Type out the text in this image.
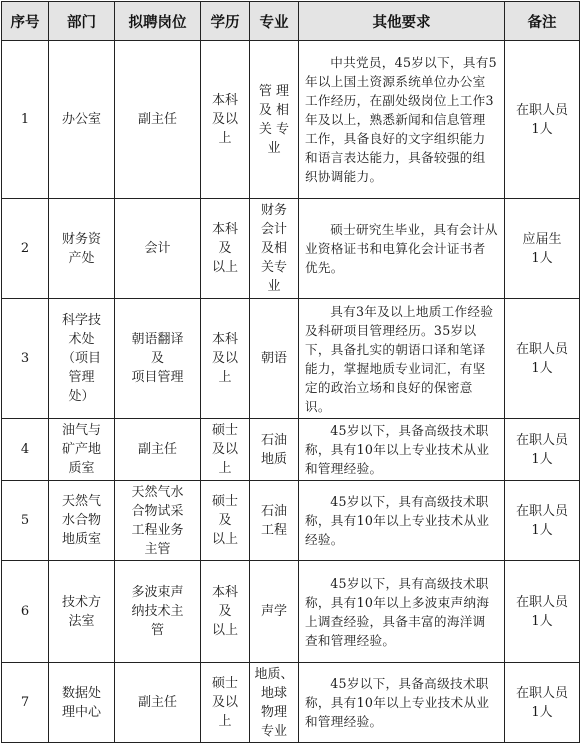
序号	部门	拟聘岗位	学历	专业	其他要求	备注
1	办公室	副主任	本科
及以
上	管 理
及 相
关 专
业	中共党员，45岁以下，具有5年以上国土资源系统单位办公室工作经历，在副处级岗位上工作3年及以上，熟悉新闻和信息管理工作，具备良好的文字组织能力和语言表达能力，具备较强的组织协调能力。	在职人员
1人
2	财务资
产处	会计	本科
及
以上	财务
会计
及相
关专
业	硕士研究生毕业，具有会计从业资格证书和电算化会计证书者优先。	应届生
1人
3	科学技
术处
（项目
管理
处）	朝语翻译
及
项目管理	本科
及以
上	朝语	具有3年及以上地质工作经验及科研项目管理经历。35岁以下，具备扎实的朝语口译和笔译能力，掌握地质专业词汇，有坚定的政治立场和良好的保密意识。	在职人员
1人
4	油气与
矿产地
质室	副主任	硕士
及以
上	石油
地质	45岁以下，具备高级技术职称，具有10年以上专业技术从业和管理经验。	在职人员
1人
5	天然气
水合物
地质室	天然气水
合物试采
工程业务
主管	硕士
及
以上	石油
工程	45岁以下，具有高级技术职称，具有10年以上专业技术从业经验。	在职人员
1人
6	技术方
法室	多波束声
纳技术主
管	本科
及
以上	声学	45岁以下，具有高级技术职称，具有10年以上多波束声纳海上调查经验，具备丰富的海洋调查和管理经验。	在职人员
1人
7	数据处
理中心	副主任	硕士
及以
上	地质、
地球
物理
专业	45岁以下，具备高级技术职称，具有10年以上专业技术从业和管理经验。	在职人员
1人
